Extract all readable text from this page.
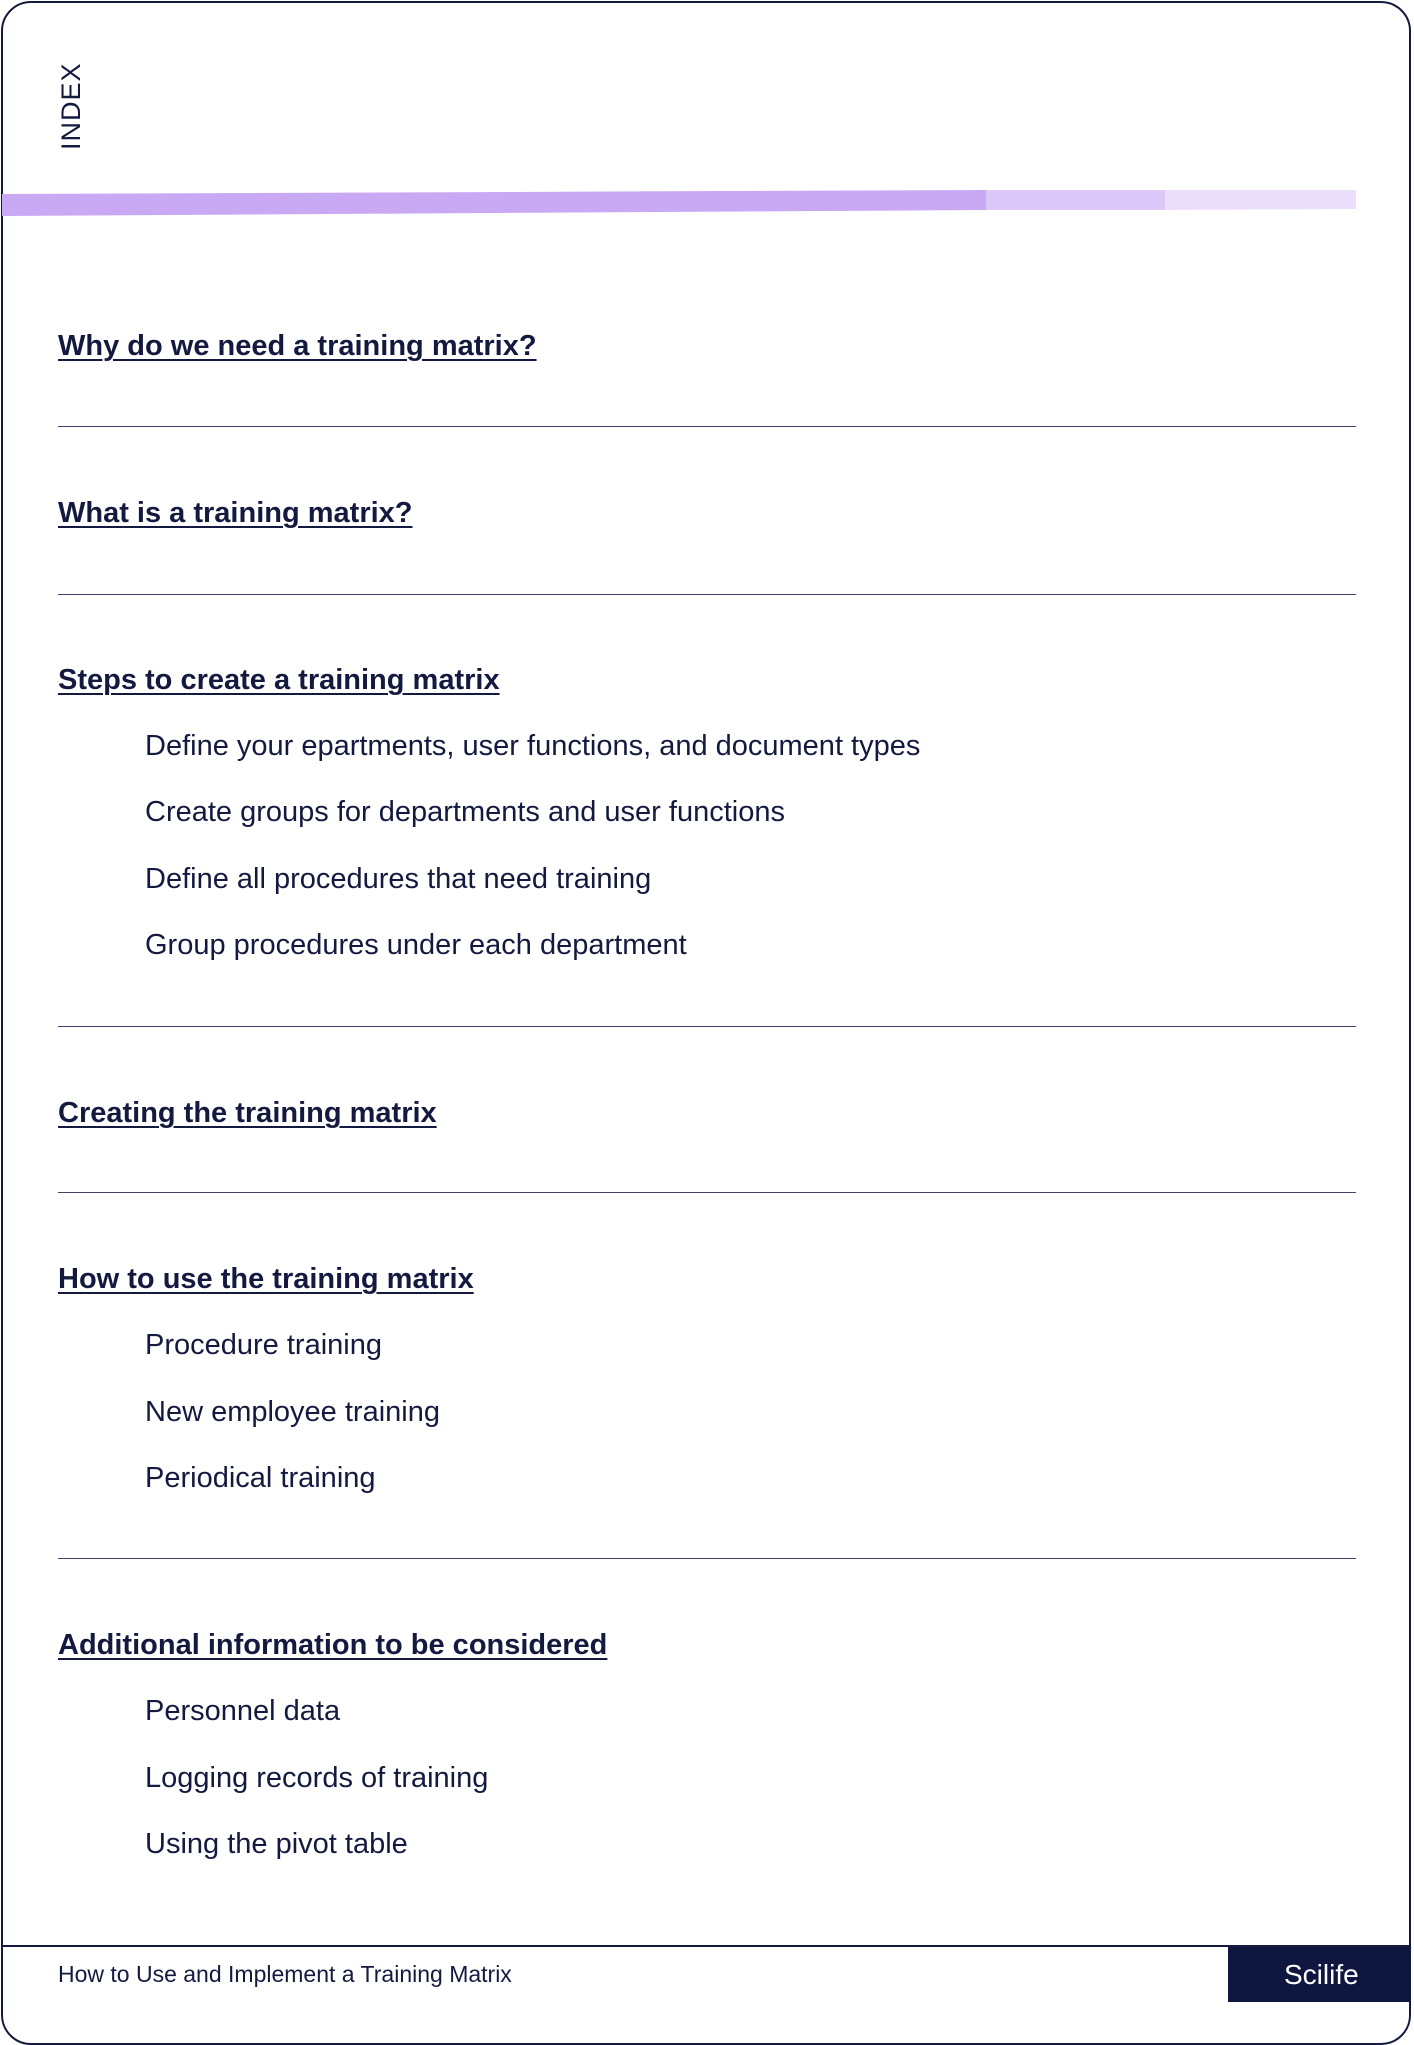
INDEX
Why do we need a training matrix?
What is a training matrix?
Steps to create a training matrix
Define your epartments, user functions, and document types
Create groups for departments and user functions
Define all procedures that need training
Group procedures under each department
Creating the training matrix
How to use the training matrix
Procedure training
New employee training
Periodical training
Additional information to be considered
Personnel data
Logging records of training
Using the pivot table
How to Use and Implement a Training Matrix	Scilife
